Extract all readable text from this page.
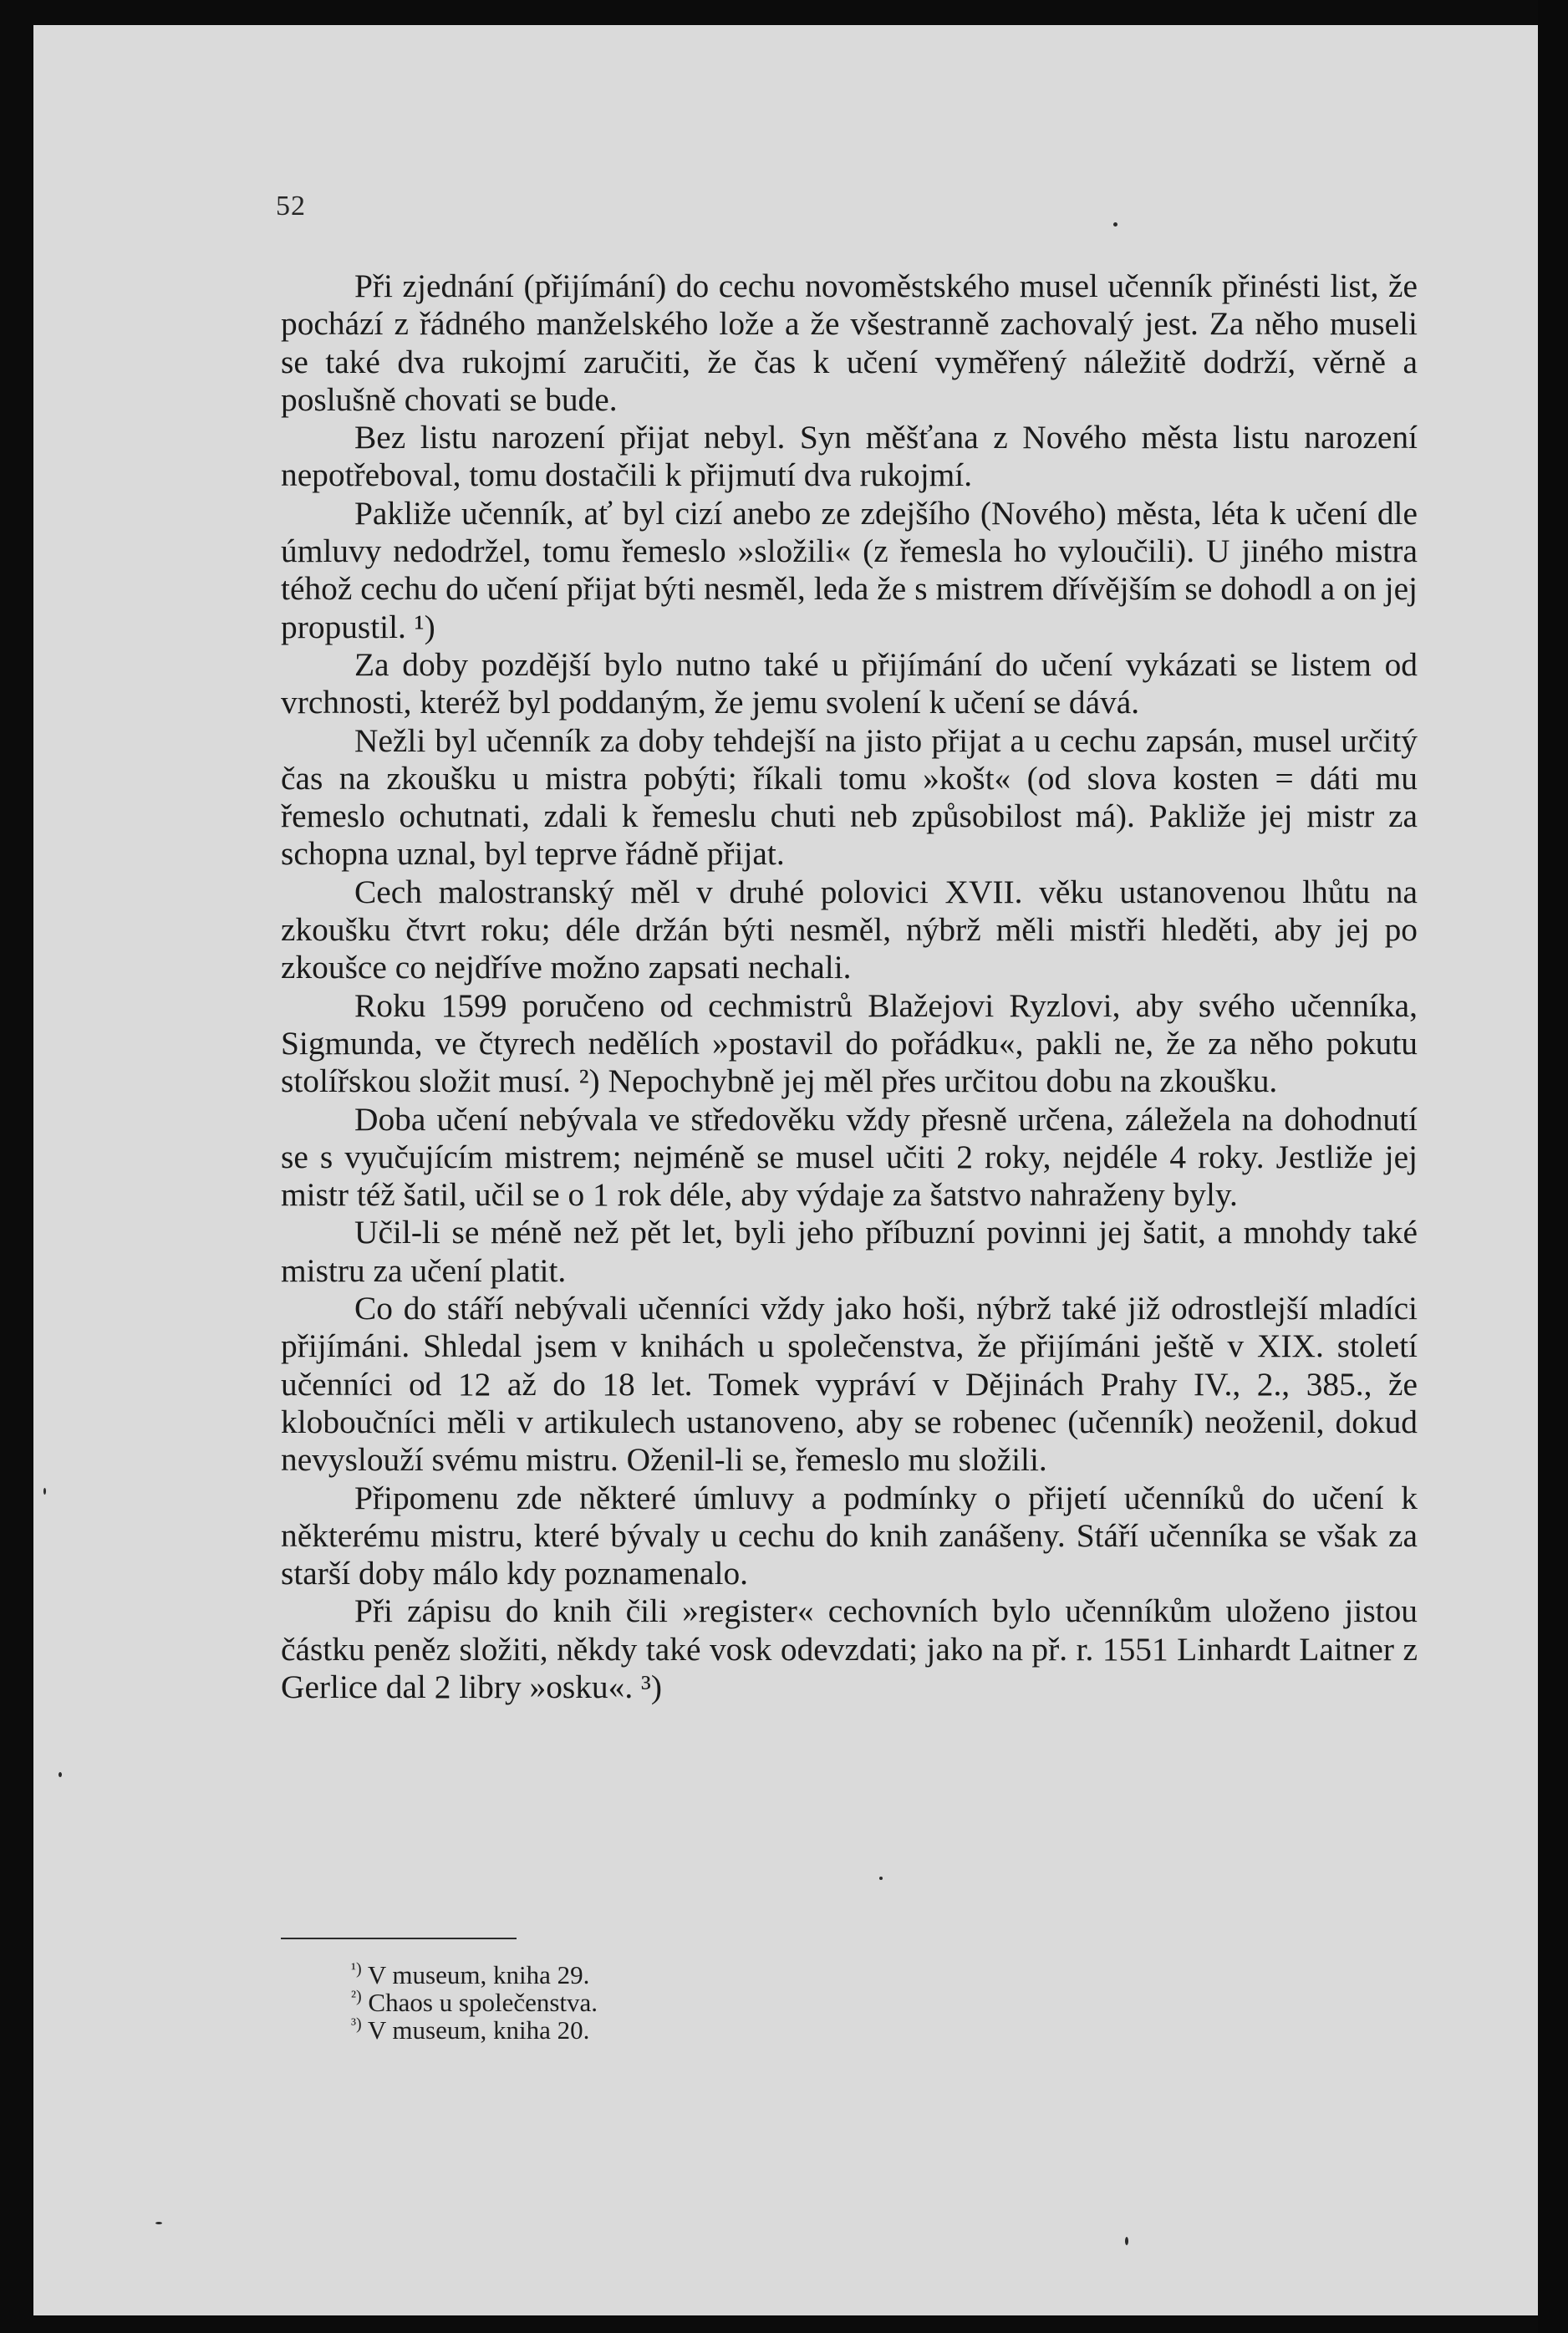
52

Při zjednání (přijímání) do cechu novoměstského musel učenník přinésti list, že pochází z řádného manželského lože a že všestranně zachovalý jest. Za něho museli se také dva rukojmí zaručiti, že čas k učení vyměřený náležitě dodrží, věrně a poslušně chovati se bude.

Bez listu narození přijat nebyl. Syn měšťana z Nového města listu narození nepotřeboval, tomu dostačili k přijmutí dva rukojmí.

Pakliže učenník, ať byl cizí anebo ze zdejšího (Nového) města, léta k učení dle úmluvy nedodržel, tomu řemeslo »složili« (z řemesla ho vyloučili). U jiného mistra téhož cechu do učení přijat býti nesměl, leda že s mistrem dřívějším se dohodl a on jej propustil. ¹)

Za doby pozdější bylo nutno také u přijímání do učení vykázati se listem od vrchnosti, kteréž byl poddaným, že jemu svolení k učení se dává.

Nežli byl učenník za doby tehdejší na jisto přijat a u cechu zapsán, musel určitý čas na zkoušku u mistra pobýti; říkali tomu »košt« (od slova kosten = dáti mu řemeslo ochutnati, zdali k řemeslu chuti neb způsobilost má). Pakliže jej mistr za schopna uznal, byl teprve řádně přijat.

Cech malostranský měl v druhé polovici XVII. věku ustanovenou lhůtu na zkoušku čtvrt roku; déle držán býti nesměl, nýbrž měli mistři hleděti, aby jej po zkoušce co nejdříve možno zapsati nechali.

Roku 1599 poručeno od cechmistrů Blažejovi Ryzlovi, aby svého učenníka, Sigmunda, ve čtyrech nedělích »postavil do pořádku«, pakli ne, že za něho pokutu stolířskou složit musí. ²) Nepochybně jej měl přes určitou dobu na zkoušku.

Doba učení nebývala ve středověku vždy přesně určena, záležela na dohodnutí se s vyučujícím mistrem; nejméně se musel učiti 2 roky, nejdéle 4 roky. Jestliže jej mistr též šatil, učil se o 1 rok déle, aby výdaje za šatstvo nahraženy byly.

Učil-li se méně než pět let, byli jeho příbuzní povinni jej šatit, a mnohdy také mistru za učení platit.

Co do stáří nebývali učenníci vždy jako hoši, nýbrž také již odrostlejší mladíci přijímáni. Shledal jsem v knihách u společenstva, že přijímáni ještě v XIX. století učenníci od 12 až do 18 let. Tomek vypráví v Dějinách Prahy IV., 2., 385., že kloboučníci měli v artikulech ustanoveno, aby se robenec (učenník) neoženil, dokud nevyslouží svému mistru. Oženil-li se, řemeslo mu složili.

Připomenu zde některé úmluvy a podmínky o přijetí učenníků do učení k některému mistru, které bývaly u cechu do knih zanášeny. Stáří učenníka se však za starší doby málo kdy poznamenalo.

Při zápisu do knih čili »register« cechovních bylo učenníkům uloženo jistou částku peněz složiti, někdy také vosk odevzdati; jako na př. r. 1551 Linhardt Laitner z Gerlice dal 2 libry »osku«. ³)

$^{^1)}$ V museum, kniha 29.

$^{^2)}$ Chaos u společenstva.

$^{^3)}$ V museum, kniha 20.
